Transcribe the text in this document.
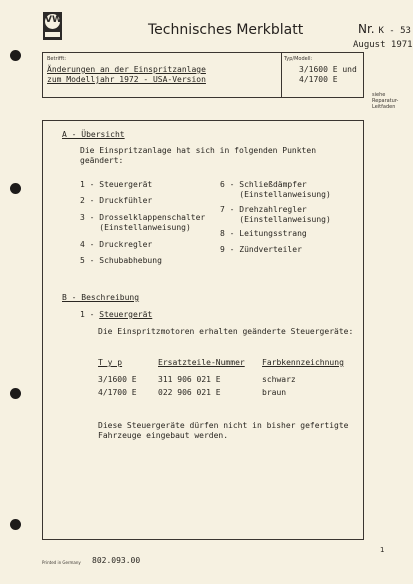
VW
Technisches Merkblatt	Nr. K - 53
August 1971
Betrifft:
Änderungen an der Einspritzanlage
zum Modelljahr 1972 - USA-Version
Typ/Modell:
3/1600 E und
4/1700 E
siehe
Reparatur-
Leitfaden
A - Übersicht
Die Einspritzanlage hat sich in folgenden Punkten
geändert:
1 - Steuergerät
2 - Druckfühler
3 - Drosselklappenschalter
(Einstellanweisung)
4 - Druckregler
5 - Schubabhebung
6 - Schließdämpfer
(Einstellanweisung)
7 - Drehzahlregler
(Einstellanweisung)
8 - Leitungsstrang
9 - Zündverteiler
B - Beschreibung
1 - Steuergerät
Die Einspritzmotoren erhalten geänderte Steuergeräte:
T y p	Ersatzteile-Nummer Farbkennzeichnung
3/1600 E	311 906 021 E	schwarz
4/1700 E	022 906 021 E	braun
Diese Steuergeräte dürfen nicht in bisher gefertigte
Fahrzeuge eingebaut werden.
Printed in Germany 802.093.00
1
